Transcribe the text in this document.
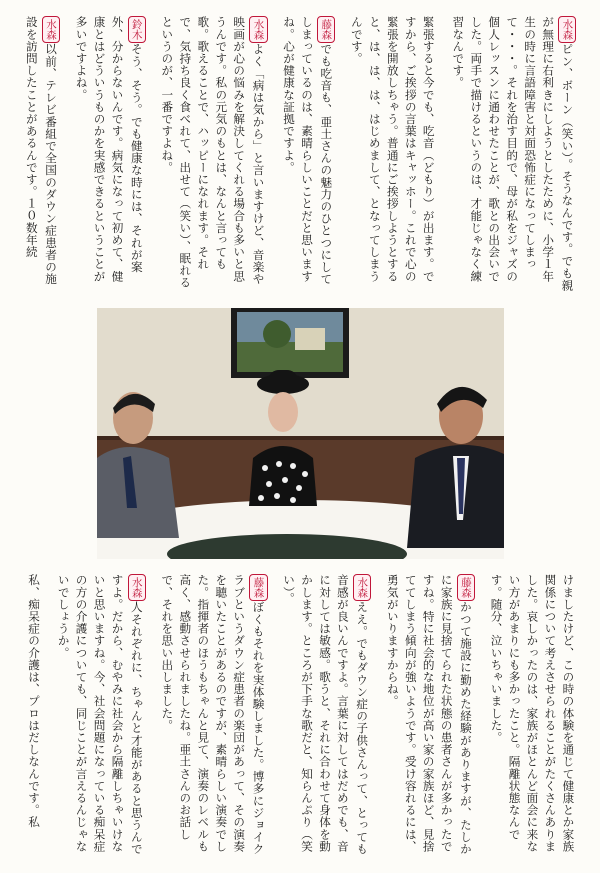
水森ピン、ボーン（笑い）。そうなんです。でも親が無理に右利きにしようとしたために、小学１年生の時に言語障害と対面恐怖症になってしまって・・・。それを治す目的で、母が私をジャズの個人レッスンに通わせたことが、歌との出会いでした。両手で描けるというのは、才能じゃなく練習なんです。

緊張すると今でも、吃音（どもり）が出ます。ですから、ご挨拶の言葉はキャッホー。これで心の緊張を開放しちゃう。普通にご挨拶しようとすると、は、は、は、はじめまして、となってしまうんです。

藤森でも吃音も、亜土さんの魅力のひとつにしてしまっているのは、素晴らしいことだと思いますね。心が健康な証拠ですよ。

水森よく「病は気から」と言いますけど、音楽や映画が心の悩みを解決してくれる場合も多いと思うんです。私の元気のもとは、なんと言っても歌。歌えることで、ハッピーになれます。それで、気持ち良く食べれて、出せて（笑い）、眠れるというのが、一番ですよね。

鈴木そう、そう。でも健康な時には、それが案外、分からないんです。病気になって初めて、健康とはどういうものかを実感できるということが多いですよね。

水森以前、テレビ番組で全国のダウン症患者の施設を訪問したことがあるんです。１０数年続

けましたけど、この時の体験を通じて健康とか家族関係について考えさせられることがたくさんありました。哀しかったのは、家族がほとんど面会に来ない方があまりにも多かったこと。隔離状態なんです。随分、泣いちゃいました。

藤森かつて施設に勤めた経験がありますが、たしかに家族に見捨てられた状態の患者さんが多かったですね。特に社会的な地位が高い家の家族ほど、見捨ててしまう傾向が強いようです。受け容れるには、勇気がいりますからね。

水森ええ。でもダウン症の子供さんって、とっても音感が良いんですよ。言葉に対してはだめでも、音に対しては敏感。歌うと、それに合わせて身体を動かします。ところが下手な歌だと、知らんぷり（笑い）。

藤森ぼくもそれを実体験しました。博多にジョイクラブというダウン症患者の楽団があって、その演奏を聴いたことがあるのですが、素晴らしい演奏でした。指揮者のほうもちゃんと見て、演奏のレベルも高く、感動させられましたね。亜土さんのお話しで、それを思い出しました。

水森人それぞれに、ちゃんと才能があると思うんですよ。だから、むやみに社会から隔離しちゃいけないと思いますね。今、社会問題になっている痴呆症の方の介護についても、同じことが言えるんじゃないでしょうか。

私、痴呆症の介護は、プロはだしなんです。私
